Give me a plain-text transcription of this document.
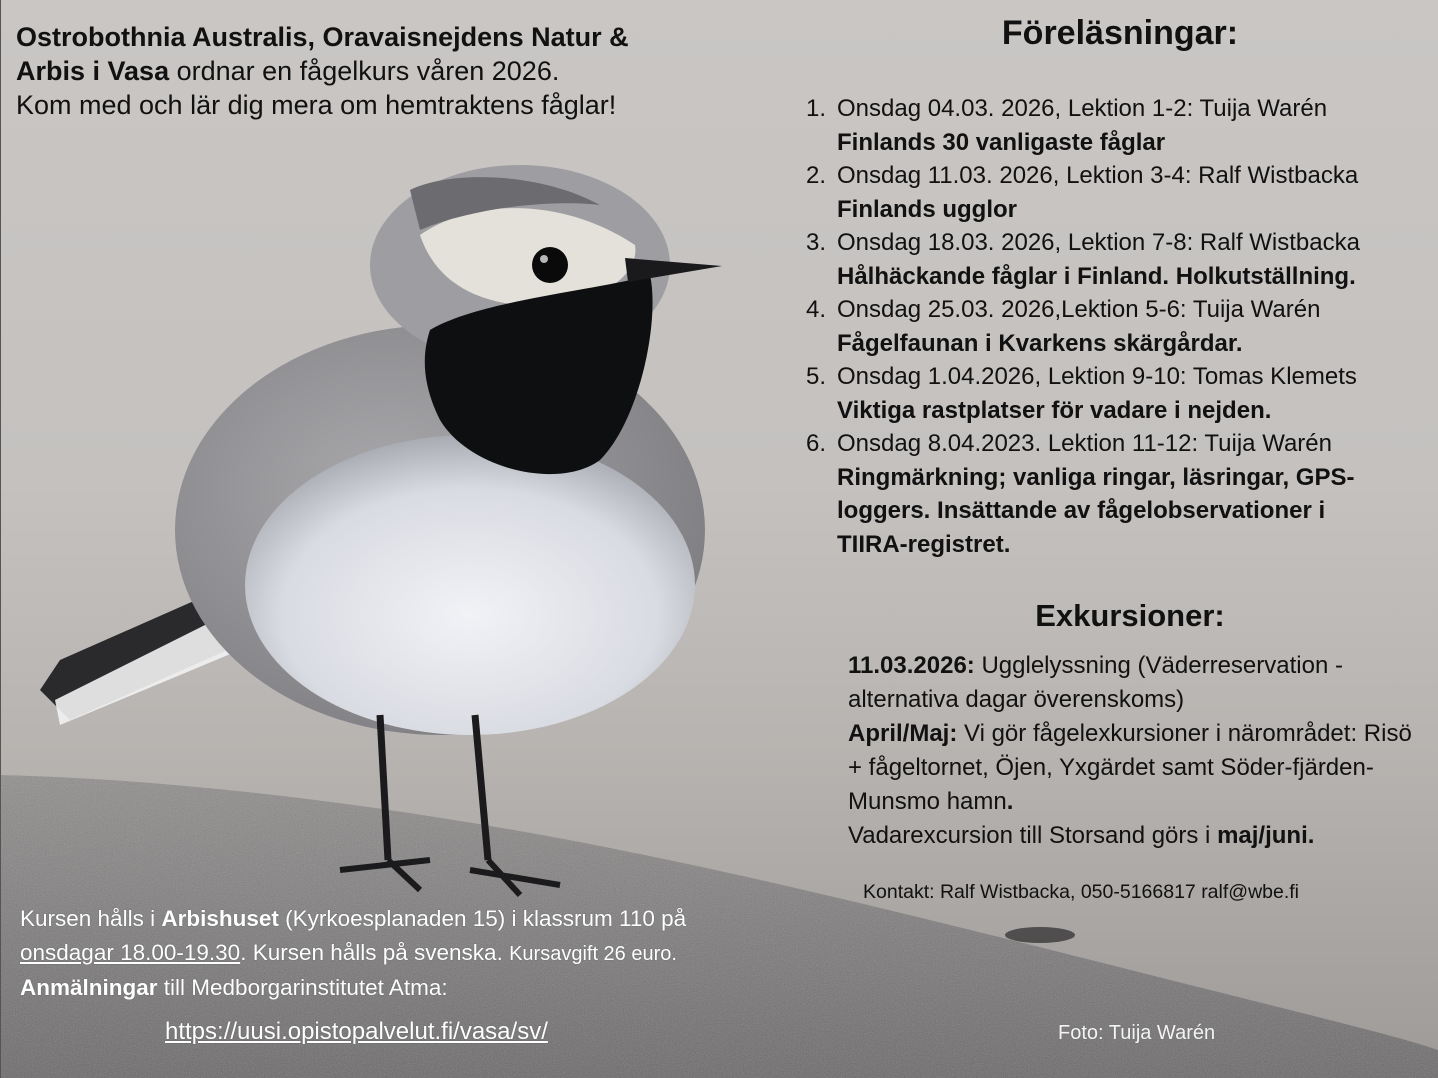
Ostrobothnia Australis, Oravaisnejdens Natur &
Arbis i Vasa ordnar en fågelkurs våren 2026.
Kom med och lär dig mera om hemtraktens fåglar!
Föreläsningar:
1. Onsdag 04.03. 2026, Lektion 1-2: Tuija Warén
Finlands 30 vanligaste fåglar
2. Onsdag 11.03. 2026, Lektion 3-4: Ralf Wistbacka
Finlands ugglor
3. Onsdag 18.03. 2026, Lektion 7-8: Ralf Wistbacka
Hålhäckande fåglar i Finland. Holkutställning.
4. Onsdag 25.03. 2026,Lektion 5-6: Tuija Warén
Fågelfaunan i Kvarkens skärgårdar.
5. Onsdag 1.04.2026, Lektion 9-10: Tomas Klemets
Viktiga rastplatser för vadare i nejden.
6. Onsdag 8.04.2023. Lektion 11-12: Tuija Warén
Ringmärkning; vanliga ringar, läsringar, GPS-loggers. Insättande av fågelobservationer i TIIRA-registret.
Exkursioner:

11.03.2026: Ugglelyssning (Väderreservation - alternativa dagar överenskoms)

April/Maj: Vi gör fågelexkursioner i närområdet: Risö + fågeltornet, Öjen, Yxgärdet samt Söder-fjärden-Munsmo hamn.

Vadarexcursion till Storsand görs i maj/juni.

Kontakt: Ralf Wistbacka, 050-5166817 ralf@wbe.fi

Kursen hålls i Arbishuset (Kyrkoesplanaden 15) i klassrum 110 på

onsdagar 18.00-19.30. Kursen hålls på svenska. Kursavgift 26 euro.

Anmälningar till Medborgarinstitutet Atma:

https://uusi.opistopalvelut.fi/vasa/sv/	Foto: Tuija Warén
